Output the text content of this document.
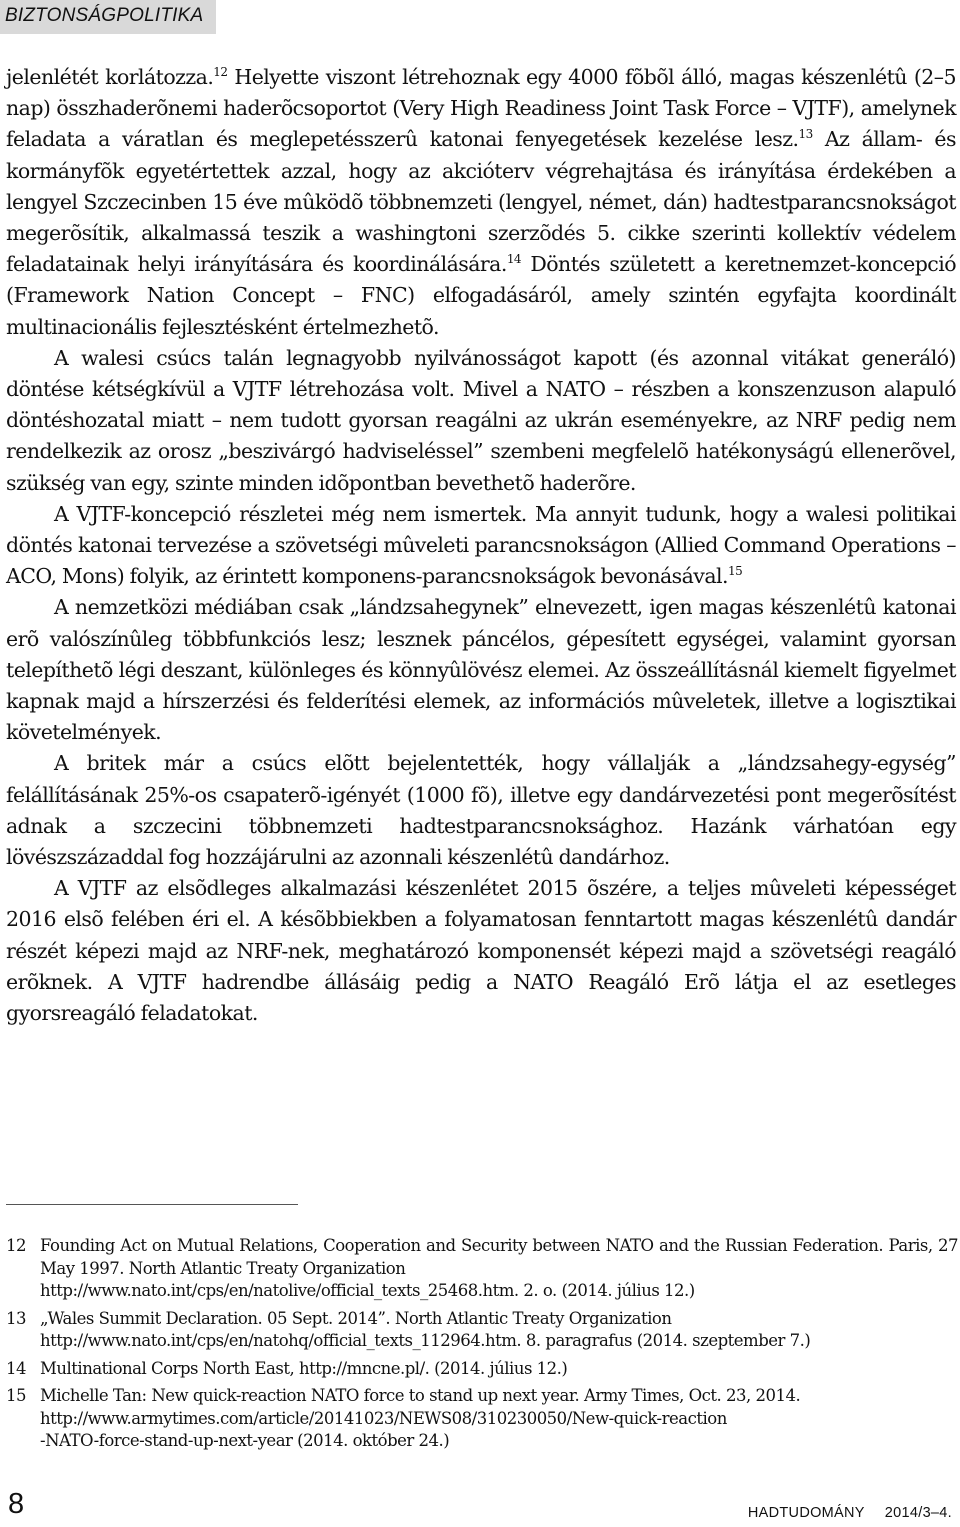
BIZTONSÁGPOLITIKA

jelenlétét korlátozza.$^{12}$ Helyette viszont létrehoznak egy 4000 fõbõl álló, magas készenlétû (2–5 nap) összhaderõnemi haderõcsoportot (Very High Readiness Joint Task Force – VJTF), amelynek feladata a váratlan és meglepetésszerû katonai fenyegetések kezelése lesz.$^{13}$ Az állam- és kormányfõk egyetértettek azzal, hogy az akcióterv végrehajtása és irányítása érdekében a lengyel Szczecinben 15 éve mûködõ többnemzeti (lengyel, német, dán) hadtestparancsnokságot megerõsítik, alkalmassá teszik a washingtoni szerzõdés 5. cikke szerinti kollektív védelem feladatainak helyi irányítására és koordinálására.$^{14}$ Döntés született a keretnemzet-koncepció (Framework Nation Concept – FNC) elfogadásáról, amely szintén egyfajta koordinált multinacionális fejlesztésként értelmezhetõ.

A walesi csúcs talán legnagyobb nyilvánosságot kapott (és azonnal vitákat generáló) döntése kétségkívül a VJTF létrehozása volt. Mivel a NATO – részben a konszenzuson alapuló döntéshozatal miatt – nem tudott gyorsan reagálni az ukrán eseményekre, az NRF pedig nem rendelkezik az orosz „beszivárgó hadviseléssel” szembeni megfelelõ hatékonyságú ellenerõvel, szükség van egy, szinte minden idõpontban bevethetõ haderõre.

A VJTF-koncepció részletei még nem ismertek. Ma annyit tudunk, hogy a walesi politikai döntés katonai tervezése a szövetségi mûveleti parancsnokságon (Allied Command Operations – ACO, Mons) folyik, az érintett komponens-parancsnokságok bevonásával.$^{15}$

A nemzetközi médiában csak „lándzsahegynek” elnevezett, igen magas készenlétû katonai erõ valószínûleg többfunkciós lesz; lesznek páncélos, gépesített egységei, valamint gyorsan telepíthetõ légi deszant, különleges és könnyûlövész elemei. Az összeállításnál kiemelt figyelmet kapnak majd a hírszerzési és felderítési elemek, az információs mûveletek, illetve a logisztikai követelmények.

A britek már a csúcs elõtt bejelentették, hogy vállalják a „lándzsahegy-egység” felállításának 25%-os csapaterõ-igényét (1000 fõ), illetve egy dandárvezetési pont megerõsítést adnak a szczecini többnemzeti hadtestparancsnoksághoz. Hazánk várhatóan egy lövészszázaddal fog hozzájárulni az azonnali készenlétû dandárhoz.

A VJTF az elsõdleges alkalmazási készenlétet 2015 õszére, a teljes mûveleti képességet 2016 elsõ felében éri el. A késõbbiekben a folyamatosan fenntartott magas készenlétû dandár részét képezi majd az NRF-nek, meghatározó komponensét képezi majd a szövetségi reagáló erõknek. A VJTF hadrendbe állásáig pedig a NATO Reagáló Erõ látja el az esetleges gyorsreagáló feladatokat.

12 Founding Act on Mutual Relations, Cooperation and Security between NATO and the Russian Federation. Paris, 27 May 1997. North Atlantic Treaty Organization
http://www.nato.int/cps/en/natolive/official_texts_25468.htm. 2. o. (2014. július 12.)
13 „Wales Summit Declaration. 05 Sept. 2014”. North Atlantic Treaty Organization
http://www.nato.int/cps/en/natohq/official_texts_112964.htm. 8. paragrafus (2014. szeptember 7.)
14 Multinational Corps North East, http://mncne.pl/. (2014. július 12.)
15 Michelle Tan: New quick-reaction NATO force to stand up next year. Army Times, Oct. 23, 2014.
http://www.armytimes.com/article/20141023/NEWS08/310230050/New-quick-reaction
-NATO-force-stand-up-next-year (2014. október 24.)
8	HADTUDOMÁNY 2014/3–4.
